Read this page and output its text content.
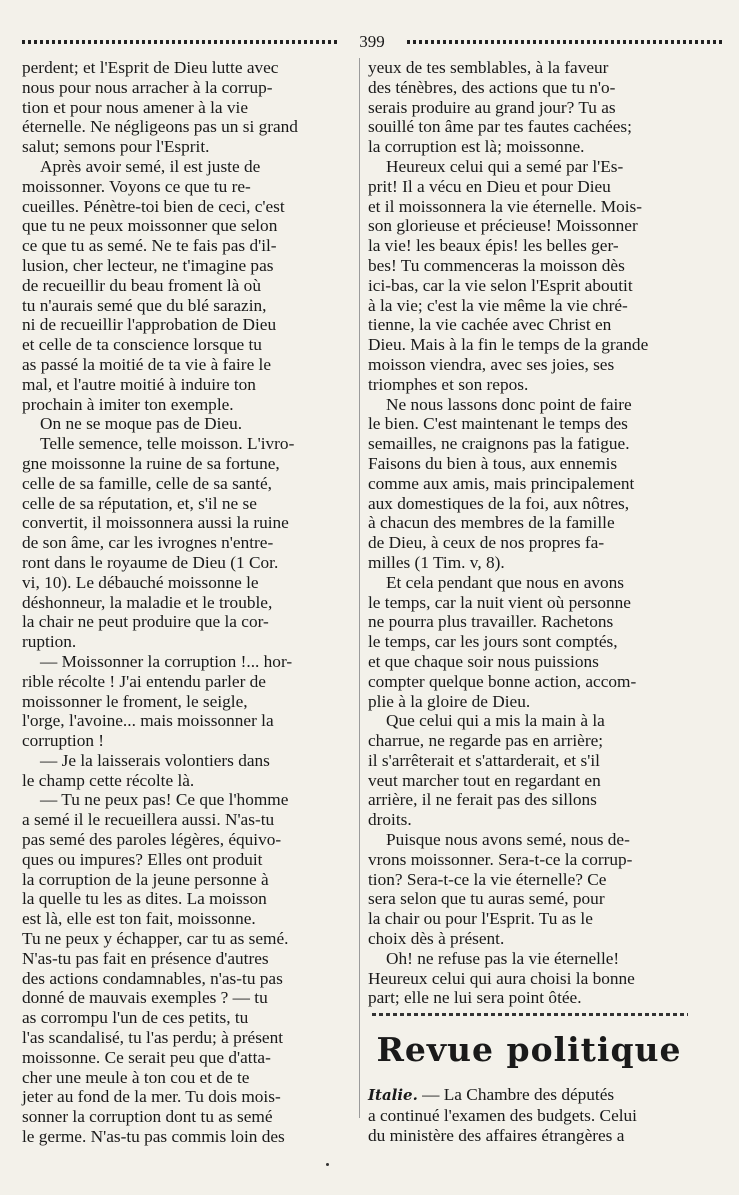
399

perdent; et l'Esprit de Dieu lutte avec
nous pour nous arracher à la corrup-
tion et pour nous amener à la vie
éternelle. Ne négligeons pas un si grand
salut; semons pour l'Esprit.

Après avoir semé, il est juste de
moissonner. Voyons ce que tu re-
cueilles. Pénètre-toi bien de ceci, c'est
que tu ne peux moissonner que selon
ce que tu as semé. Ne te fais pas d'il-
lusion, cher lecteur, ne t'imagine pas
de recueillir du beau froment là où
tu n'aurais semé que du blé sarazin,
ni de recueillir l'approbation de Dieu
et celle de ta conscience lorsque tu
as passé la moitié de ta vie à faire le
mal, et l'autre moitié à induire ton
prochain à imiter ton exemple.

On ne se moque pas de Dieu.

Telle semence, telle moisson. L'ivro-
gne moissonne la ruine de sa fortune,
celle de sa famille, celle de sa santé,
celle de sa réputation, et, s'il ne se
convertit, il moissonnera aussi la ruine
de son âme, car les ivrognes n'entre-
ront dans le royaume de Dieu (1 Cor.
vi, 10). Le débauché moissonne le
déshonneur, la maladie et le trouble,
la chair ne peut produire que la cor-
ruption.

— Moissonner la corruption !... hor-
rible récolte ! J'ai entendu parler de
moissonner le froment, le seigle,
l'orge, l'avoine... mais moissonner la
corruption !

— Je la laisserais volontiers dans
le champ cette récolte là.

— Tu ne peux pas! Ce que l'homme
a semé il le recueillera aussi. N'as-tu
pas semé des paroles légères, équivo-
ques ou impures? Elles ont produit
la corruption de la jeune personne à
la quelle tu les as dites. La moisson
est là, elle est ton fait, moissonne.
Tu ne peux y échapper, car tu as semé.
N'as-tu pas fait en présence d'autres
des actions condamnables, n'as-tu pas
donné de mauvais exemples ? — tu
as corrompu l'un de ces petits, tu
l'as scandalisé, tu l'as perdu; à présent
moissonne. Ce serait peu que d'atta-
cher une meule à ton cou et de te
jeter au fond de la mer. Tu dois mois-
sonner la corruption dont tu as semé
le germe. N'as-tu pas commis loin des

yeux de tes semblables, à la faveur
des ténèbres, des actions que tu n'o-
serais produire au grand jour? Tu as
souillé ton âme par tes fautes cachées;
la corruption est là; moissonne.

Heureux celui qui a semé par l'Es-
prit! Il a vécu en Dieu et pour Dieu
et il moissonnera la vie éternelle. Mois-
son glorieuse et précieuse! Moissonner
la vie! les beaux épis! les belles ger-
bes! Tu commenceras la moisson dès
ici-bas, car la vie selon l'Esprit aboutit
à la vie; c'est la vie même la vie chré-
tienne, la vie cachée avec Christ en
Dieu. Mais à la fin le temps de la grande
moisson viendra, avec ses joies, ses
triomphes et son repos.

Ne nous lassons donc point de faire
le bien. C'est maintenant le temps des
semailles, ne craignons pas la fatigue.
Faisons du bien à tous, aux ennemis
comme aux amis, mais principalement
aux domestiques de la foi, aux nôtres,
à chacun des membres de la famille
de Dieu, à ceux de nos propres fa-
milles (1 Tim. v, 8).

Et cela pendant que nous en avons
le temps, car la nuit vient où personne
ne pourra plus travailler. Rachetons
le temps, car les jours sont comptés,
et que chaque soir nous puissions
compter quelque bonne action, accom-
plie à la gloire de Dieu.

Que celui qui a mis la main à la
charrue, ne regarde pas en arrière;
il s'arrêterait et s'attarderait, et s'il
veut marcher tout en regardant en
arrière, il ne ferait pas des sillons
droits.

Puisque nous avons semé, nous de-
vrons moissonner. Sera-t-ce la corrup-
tion? Sera-t-ce la vie éternelle? Ce
sera selon que tu auras semé, pour
la chair ou pour l'Esprit. Tu as le
choix dès à présent.

Oh! ne refuse pas la vie éternelle!
Heureux celui qui aura choisi la bonne
part; elle ne lui sera point ôtée.

Revue politique
Italie. — La Chambre des députés
a continué l'examen des budgets. Celui
du ministère des affaires étrangères a
